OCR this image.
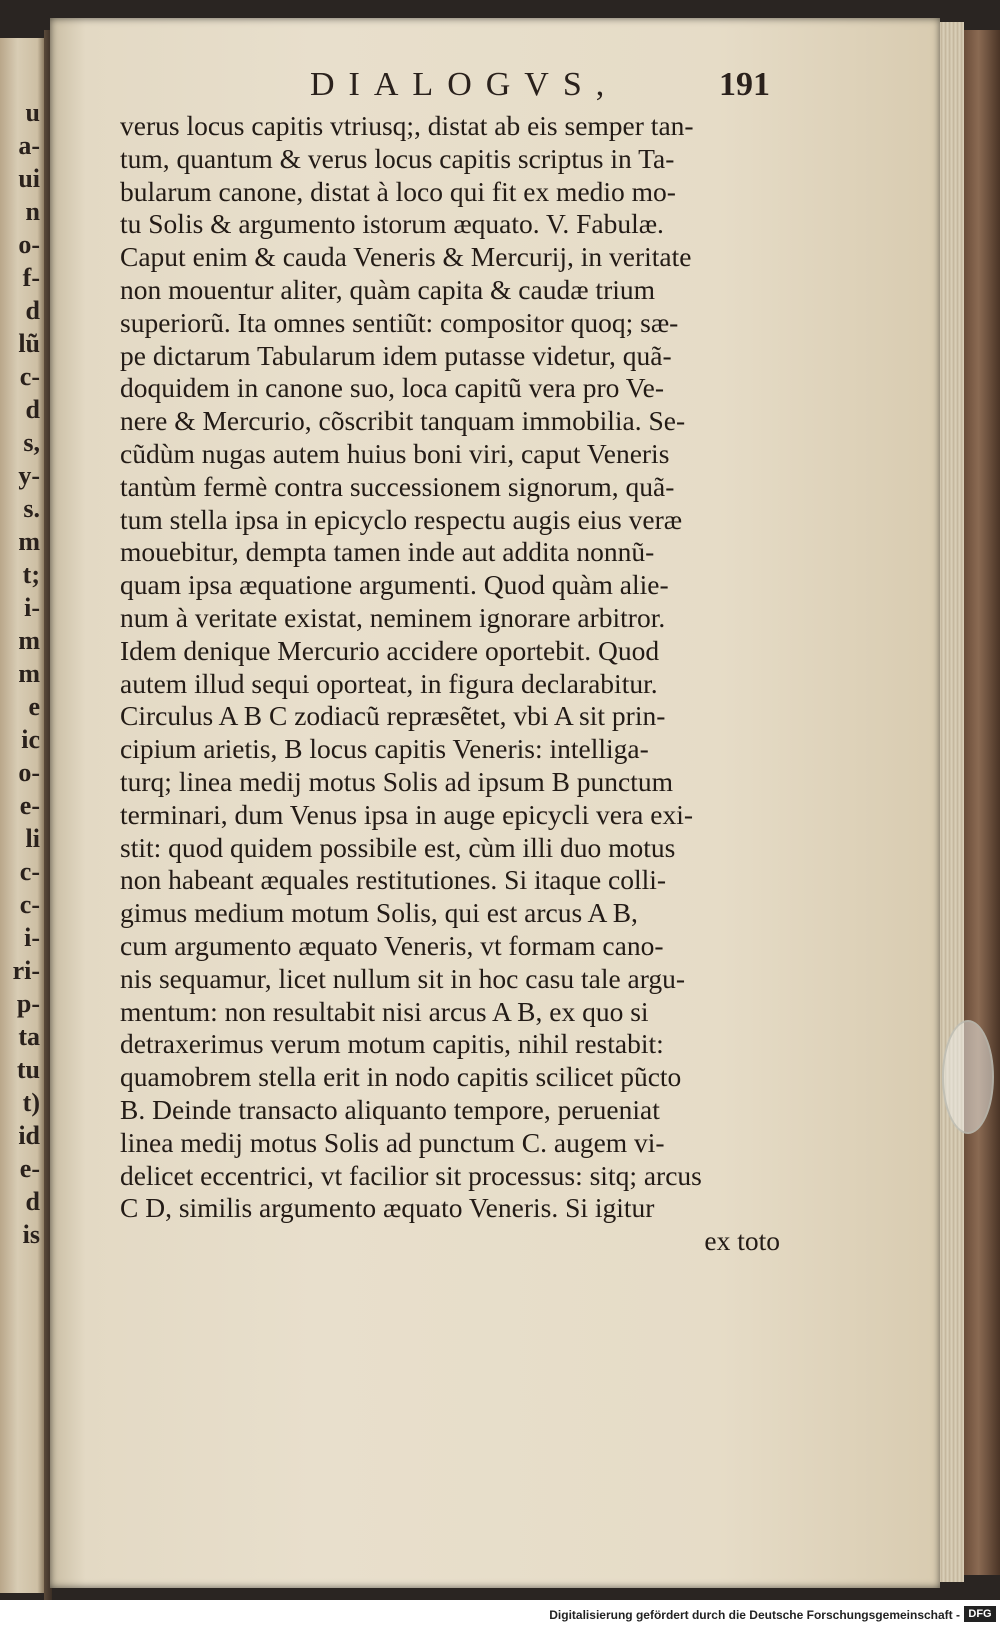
u

a-

ui

n

o-

f-

d

lũ

c-

d

s,

y-

s.

m

t;

i-

m

m

e

ic

o-

e-

li

c-

c-

i-

ri-

p-

ta

tu

t)

id

e-

d

is

DIALOGVS,	191
verus locus capitis vtriusq;, distat ab eis semper tan-
tum, quantum & verus locus capitis scriptus in Ta-
bularum canone, distat à loco qui fit ex medio mo-
tu Solis & argumento istorum æquato. V. Fabulæ.
Caput enim & cauda Veneris & Mercurij, in veritate
non mouentur aliter, quàm capita & caudæ trium
superiorũ. Ita omnes sentiũt: compositor quoq; sæ-
pe dictarum Tabularum idem putasse videtur, quã-
doquidem in canone suo, loca capitũ vera pro Ve-
nere & Mercurio, cõscribit tanquam immobilia. Se-
cũdùm nugas autem huius boni viri, caput Veneris
tantùm fermè contra successionem signorum, quã-
tum stella ipsa in epicyclo respectu augis eius veræ
mouebitur, dempta tamen inde aut addita nonnũ-
quam ipsa æquatione argumenti. Quod quàm alie-
num à veritate existat, neminem ignorare arbitror.
Idem denique Mercurio accidere oportebit. Quod
autem illud sequi oporteat, in figura declarabitur.
Circulus A B C zodiacũ repræsẽtet, vbi A sit prin-
cipium arietis, B locus capitis Veneris: intelliga-
turq; linea medij motus Solis ad ipsum B punctum
terminari, dum Venus ipsa in auge epicycli vera exi-
stit: quod quidem possibile est, cùm illi duo motus
non habeant æquales restitutiones. Si itaque colli-
gimus medium motum Solis, qui est arcus A B,
cum argumento æquato Veneris, vt formam cano-
nis sequamur, licet nullum sit in hoc casu tale argu-
mentum: non resultabit nisi arcus A B, ex quo si
detraxerimus verum motum capitis, nihil restabit:
quamobrem stella erit in nodo capitis scilicet pũcto
B. Deinde transacto aliquanto tempore, perueniat
linea medij motus Solis ad punctum C. augem vi-
delicet eccentrici, vt facilior sit processus: sitq; arcus
C D, similis argumento æquato Veneris. Si igitur
ex toto
Digitalisierung gefördert durch die Deutsche Forschungsgemeinschaft - DFG
